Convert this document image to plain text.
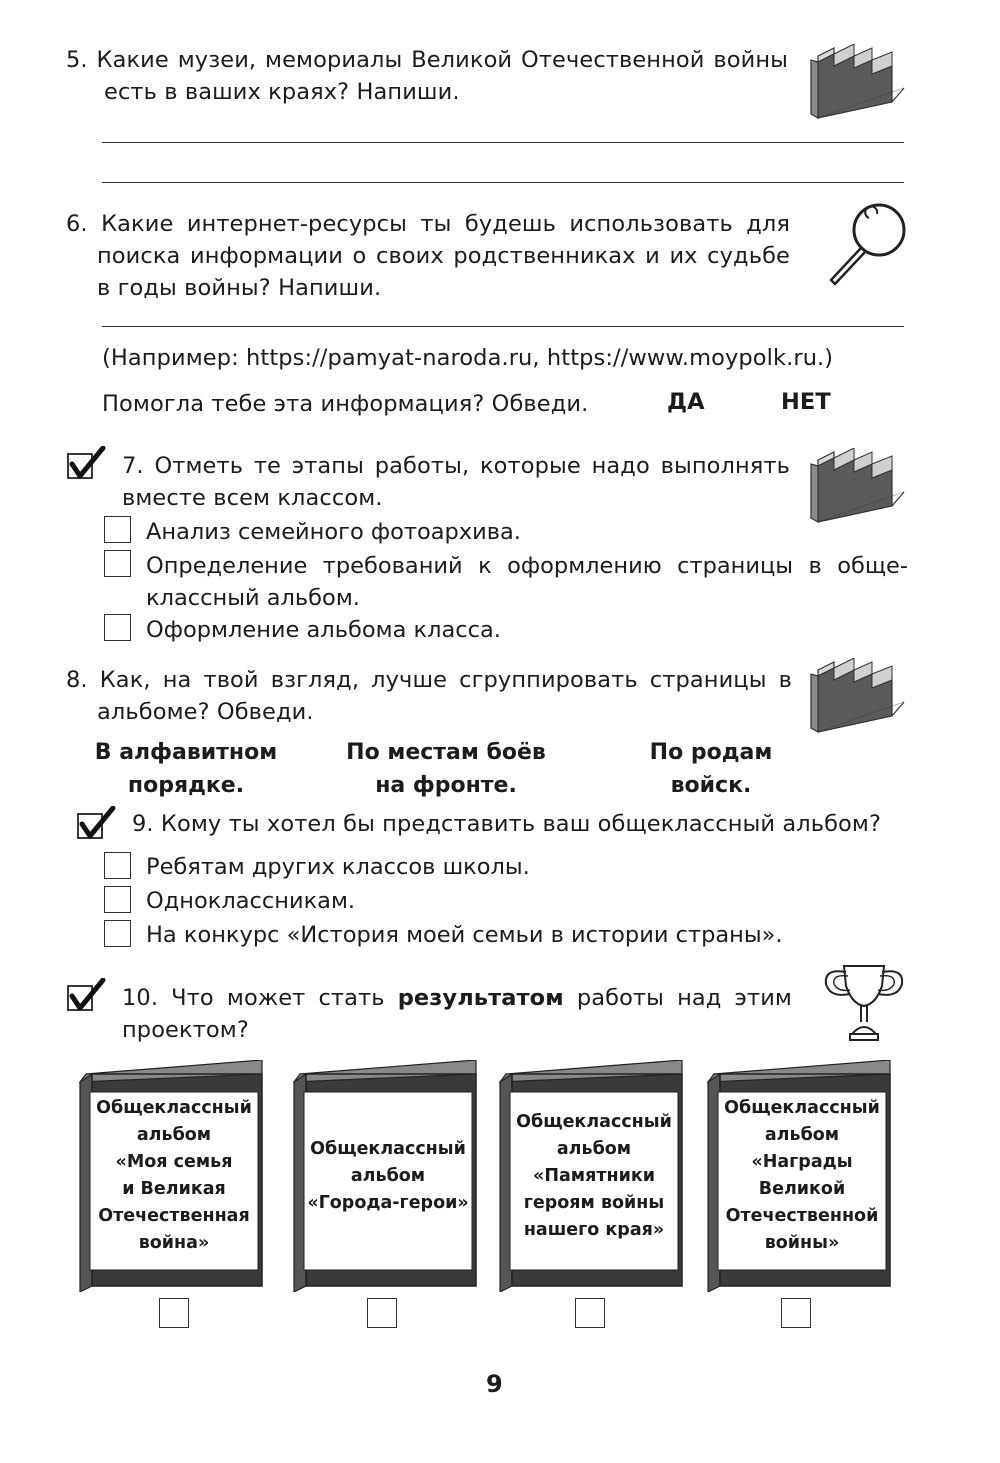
5. Какие музеи, мемориалы Великой Отечественной войны
есть в ваших краях? Напиши.
6. Какие интернет-ресурсы ты будешь использовать для
поиска информации о своих родственниках и их судьбе
в годы войны? Напиши.
(Например: https://pamyat-naroda.ru, https://www.moypolk.ru.)
Помогла тебе эта информация? Обведи.	ДА	НЕТ
7. Отметь те этапы работы, которые надо выполнять
вместе всем классом.
Анализ семейного фотоархива.
Определение требований к оформлению страницы в обще-
классный альбом.
Оформление альбома класса.
8. Как, на твой взгляд, лучше сгруппировать страницы в
альбоме? Обведи.
В алфавитном
порядке.
По местам боёв
на фронте.
По родам
войск.
9. Кому ты хотел бы представить ваш общеклассный альбом?
Ребятам других классов школы.
Одноклассникам.
На конкурс «История моей семьи в истории страны».
10. Что может стать результатом работы над этим
проектом?
Общеклассный
альбом
«Моя семья
и Великая
Отечественная
война»
Общеклассный
альбом
«Города-герои»
Общеклассный
альбом
«Памятники
героям войны
нашего края»
Общеклассный
альбом
«Награды
Великой
Отечественной
войны»
9
